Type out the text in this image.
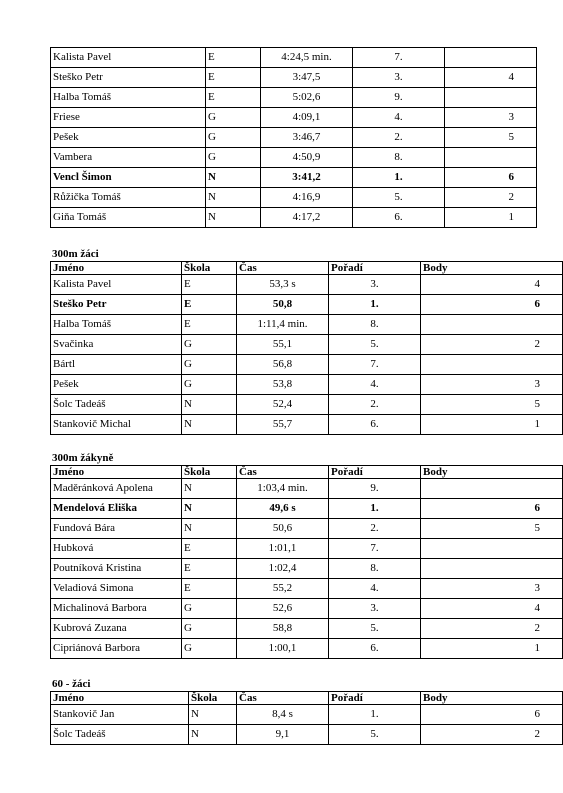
Kalista Pavel	E	4:24,5 min.	7.	
Steško Petr	E	3:47,5	3.	4
Halba Tomáš	E	5:02,6	9.	
Friese	G	4:09,1	4.	3
Pešek	G	3:46,7	2.	5
Vambera	G	4:50,9	8.	
Vencl Šimon	N	3:41,2	1.	6
Růžička Tomáš	N	4:16,9	5.	2
Giňa Tomáš	N	4:17,2	6.	1
300m žáci
Jméno	Škola	Čas	Pořadí	Body
Kalista Pavel	E	53,3 s	3.	4
Steško Petr	E	50,8	1.	6
Halba Tomáš	E	1:11,4 min.	8.	
Svačinka	G	55,1	5.	2
Bártl	G	56,8	7.	
Pešek	G	53,8	4.	3
Šolc Tadeáš	N	52,4	2.	5
Stankovič Michal	N	55,7	6.	1
300m žákyně
Jméno	Škola	Čas	Pořadí	Body
Maděránková Apolena	N	1:03,4 min.	9.	
Mendelová Eliška	N	49,6 s	1.	6
Fundová Bára	N	50,6	2.	5
Hubková	E	1:01,1	7.	
Poutníková Kristina	E	1:02,4	8.	
Veladiová Simona	E	55,2	4.	3
Michalinová Barbora	G	52,6	3.	4
Kubrová Zuzana	G	58,8	5.	2
Cipriánová Barbora	G	1:00,1	6.	1
60 - žáci
Jméno	Škola	Čas	Pořadí	Body
Stankovič Jan	N	8,4 s	1.	6
Šolc Tadeáš	N	9,1	5.	2
